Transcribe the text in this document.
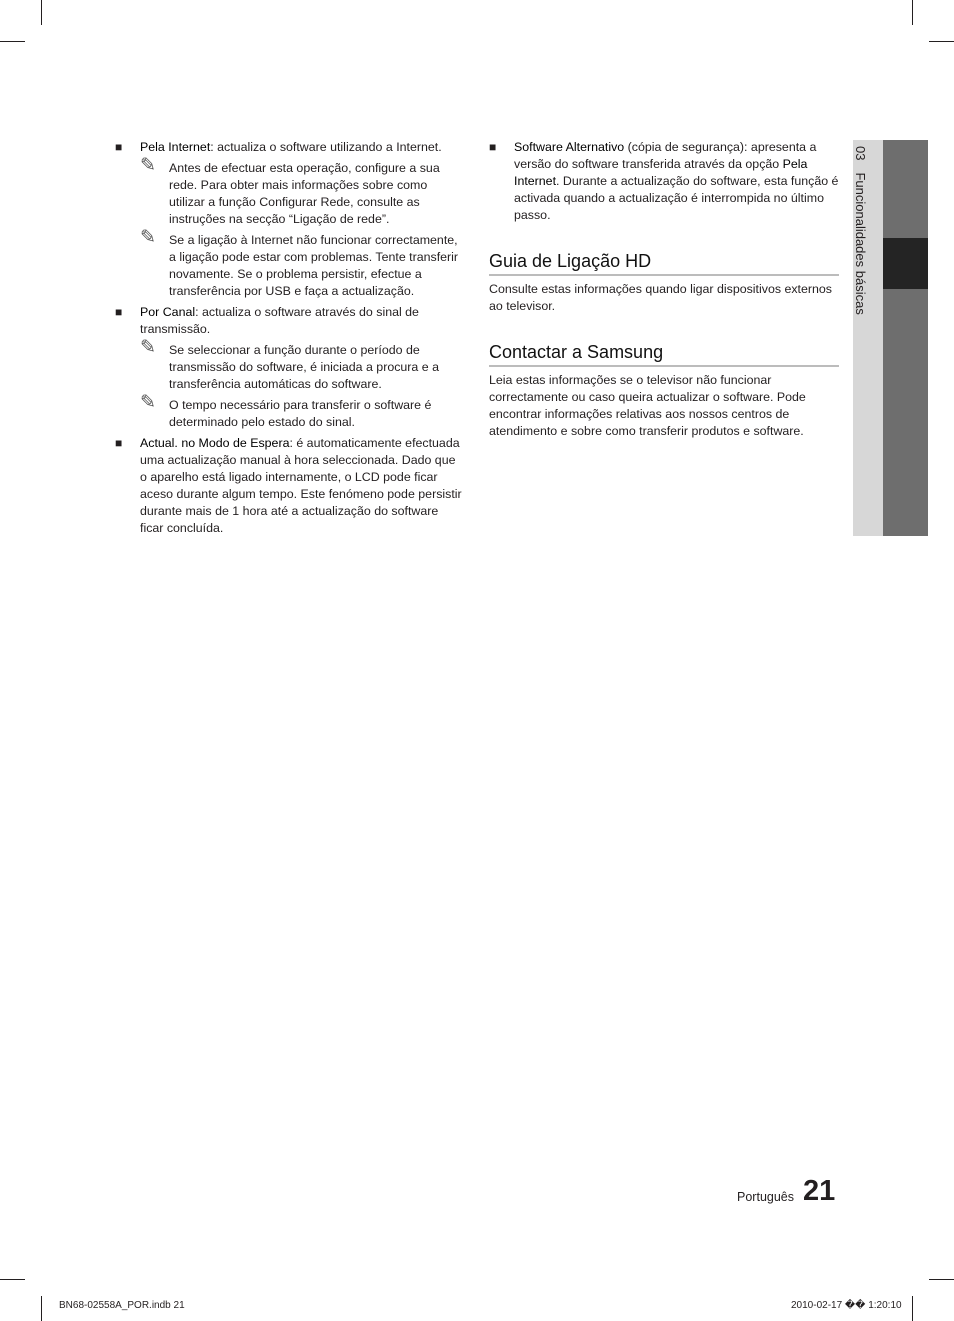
■ Pela Internet: actualiza o software utilizando a Internet.
✎ Antes de efectuar esta operação, configure a sua rede. Para obter mais informações sobre como utilizar a função Configurar Rede, consulte as instruções na secção “Ligação de rede”.
✎ Se a ligação à Internet não funcionar correctamente, a ligação pode estar com problemas. Tente transferir novamente. Se o problema persistir, efectue a transferência por USB e faça a actualização.
■ Por Canal: actualiza o software através do sinal de transmissão.
✎ Se seleccionar a função durante o período de transmissão do software, é iniciada a procura e a transferência automáticas do software.
✎ O tempo necessário para transferir o software é determinado pelo estado do sinal.
■ Actual. no Modo de Espera: é automaticamente efectuada uma actualização manual à hora seleccionada. Dado que o aparelho está ligado internamente, o LCD pode ficar aceso durante algum tempo. Este fenómeno pode persistir durante mais de 1 hora até a actualização do software ficar concluída.
■ Software Alternativo (cópia de segurança): apresenta a versão do software transferida através da opção Pela Internet. Durante a actualização do software, esta função é activada quando a actualização é interrompida no último passo.
Guia de Ligação HD

Consulte estas informações quando ligar dispositivos externos ao televisor.

Contactar a Samsung

Leia estas informações se o televisor não funcionar correctamente ou caso queira actualizar o software. Pode encontrar informações relativas aos nossos centros de atendimento e sobre como transferir produtos e software.

03Funcionalidades básicas
Português 21
BN68-02558A_POR.indb 21	2010-02-17 �� 1:20:10
